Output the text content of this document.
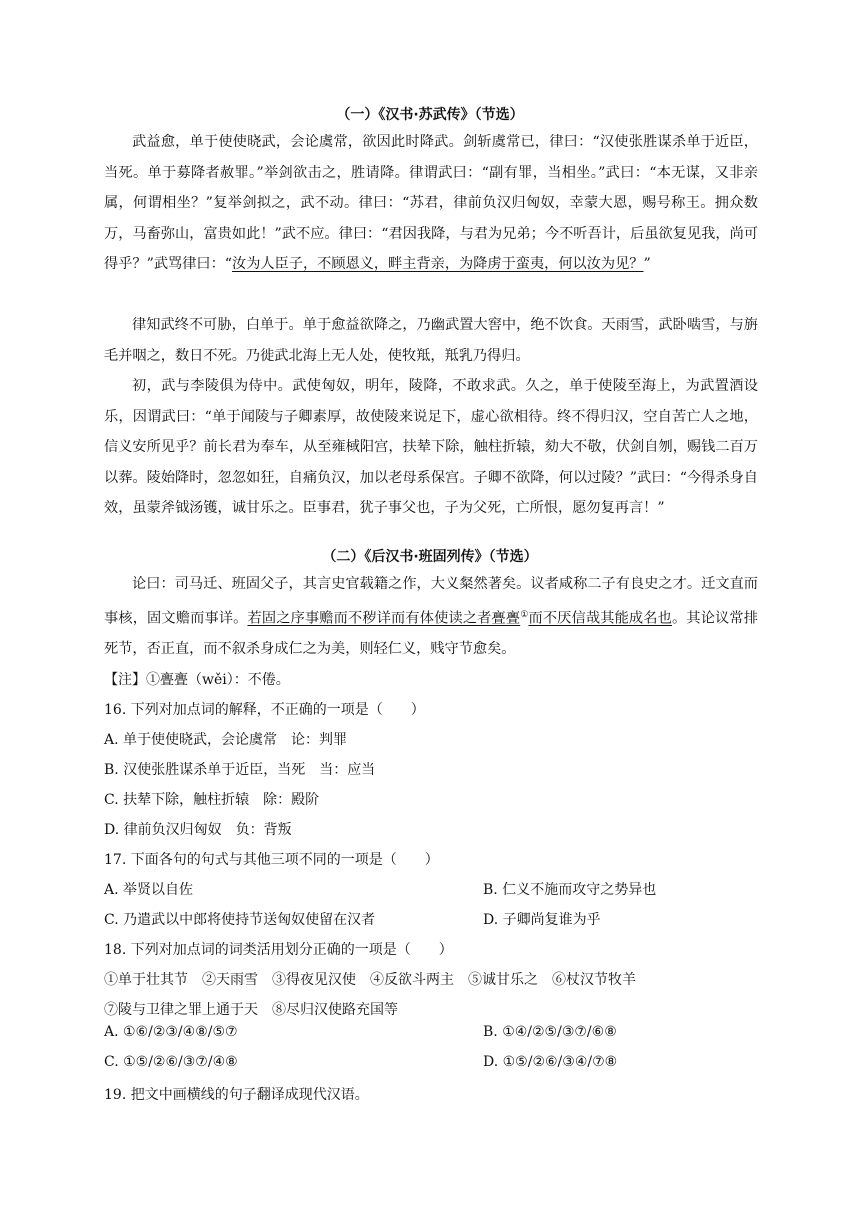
（一）《汉书·苏武传》（节选）

武益愈，单于使使晓武，会论虞常，欲因此时降武。剑斩虞常已，律曰：“汉使张胜谋杀单于近臣，当死。单于募降者赦罪。”举剑欲击之，胜请降。律谓武曰：“副有罪，当相坐。”武曰：“本无谋，又非亲属，何谓相坐？”复举剑拟之，武不动。律曰：“苏君，律前负汉归匈奴，幸蒙大恩，赐号称王。拥众数万，马畜弥山，富贵如此！”武不应。律曰：“君因我降，与君为兄弟；今不听吾计，后虽欲复见我，尚可得乎？”武骂律曰：“汝为人臣子，不顾恩义，畔主背亲，为降虏于蛮夷，何以汝为见？”

律知武终不可胁，白单于。单于愈益欲降之，乃幽武置大窖中，绝不饮食。天雨雪，武卧啮雪，与旃毛并咽之，数日不死。乃徙武北海上无人处，使牧羝，羝乳乃得归。

初，武与李陵俱为侍中。武使匈奴，明年，陵降，不敢求武。久之，单于使陵至海上，为武置酒设乐，因谓武曰：“单于闻陵与子卿素厚，故使陵来说足下，虚心欲相待。终不得归汉，空自苦亡人之地，信义安所见乎？前长君为奉车，从至雍棫阳宫，扶辇下除，触柱折辕，劾大不敬，伏剑自刎，赐钱二百万以葬。陵始降时，忽忽如狂，自痛负汉，加以老母系保宫。子卿不欲降，何以过陵？”武曰：“今得杀身自效，虽蒙斧钺汤镬，诚甘乐之。臣事君，犹子事父也，子为父死，亡所恨，愿勿复再言！”

（二）《后汉书·班固列传》（节选）

论曰：司马迁、班固父子，其言史官载籍之作，大义粲然著矣。议者咸称二子有良史之才。迁文直而事核，固文赡而事详。若固之序事赡而不秽详而有体使读之者亹亹①而不厌信哉其能成名也。其论议常排死节，否正直，而不叙杀身成仁之为美，则轻仁义，贱守节愈矣。

【注】①亹亹（wěi）：不倦。
16. 下列对加点词的解释，不正确的一项是（　　）
A. 单于使使晓武，会论虞常　论：判罪
B. 汉使张胜谋杀单于近臣，当死　当：应当
C. 扶辇下除，触柱折辕　除：殿阶
D. 律前负汉归匈奴　负：背叛
17. 下面各句的句式与其他三项不同的一项是（　　）
A. 举贤以自佐	B. 仁义不施而攻守之势异也
C. 乃遣武以中郎将使持节送匈奴使留在汉者	D. 子卿尚复谁为乎
18. 下列对加点词的词类活用划分正确的一项是（　　）
①单于壮其节　②天雨雪　③得夜见汉使　④反欲斗两主　⑤诚甘乐之　⑥杖汉节牧羊
⑦陵与卫律之罪上通于天　⑧尽归汉使路充国等
A. ①⑥/②③/④⑧/⑤⑦	B. ①④/②⑤/③⑦/⑥⑧
C. ①⑤/②⑥/③⑦/④⑧	D. ①⑤/②⑥/③④/⑦⑧
19. 把文中画横线的句子翻译成现代汉语。
